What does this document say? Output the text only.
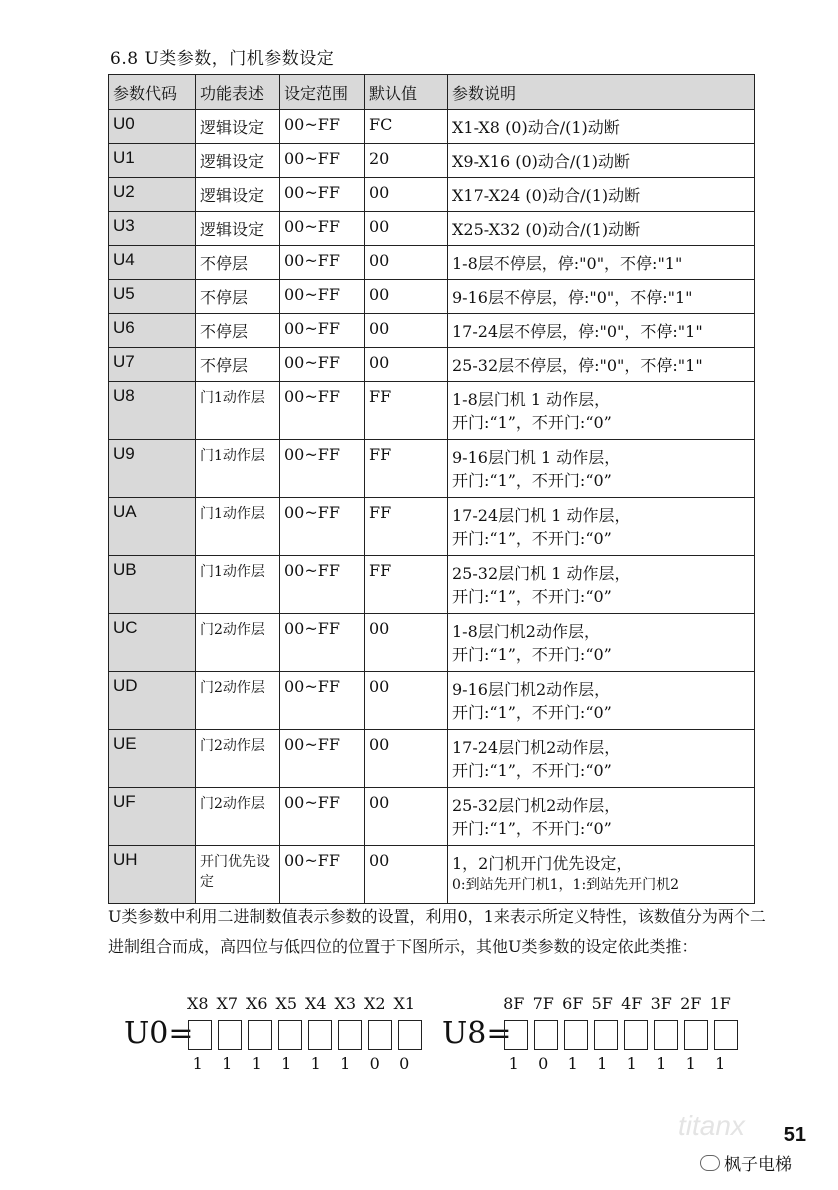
6.8 U类参数，门机参数设定
参数代码	功能表述	设定范围	默认值	参数说明
U0	逻辑设定	00~FF	FC	X1-X8 (0)动合/(1)动断

U1	逻辑设定	00~FF	20	X9-X16 (0)动合/(1)动断

U2	逻辑设定	00~FF	00	X17-X24 (0)动合/(1)动断

U3	逻辑设定	00~FF	00	X25-X32 (0)动合/(1)动断

U4	不停层	00~FF	00	1-8层不停层，停:"0"，不停:"1"

U5	不停层	00~FF	00	9-16层不停层，停:"0"，不停:"1"

U6	不停层	00~FF	00	17-24层不停层，停:"0"，不停:"1"

U7	不停层	00~FF	00	25-32层不停层，停:"0"，不停:"1"

U8	门1动作层	00~FF	FF	1-8层门机 1 动作层，
开门:“1”，不开门:“0”

U9	门1动作层	00~FF	FF	9-16层门机 1 动作层，
开门:“1”，不开门:“0”

UA	门1动作层	00~FF	FF	17-24层门机 1 动作层，
开门:“1”，不开门:“0”

UB	门1动作层	00~FF	FF	25-32层门机 1 动作层，
开门:“1”，不开门:“0”

UC	门2动作层	00~FF	00	1-8层门机2动作层，
开门:“1”，不开门:“0”

UD	门2动作层	00~FF	00	9-16层门机2动作层，
开门:“1”，不开门:“0”

UE	门2动作层	00~FF	00	17-24层门机2动作层，
开门:“1”，不开门:“0”

UF	门2动作层	00~FF	00	25-32层门机2动作层，
开门:“1”，不开门:“0”

UH	开门优先设定	00~FF	00	1，2门机开门优先设定，
0:到站先开门机1，1:到站先开门机2
U类参数中利用二进制数值表示参数的设置，利用0，1来表示所定义特性，该数值分为两个二进制组合而成，高四位与低四位的位置于下图所示，其他U类参数的设定依此类推：
X8 X7 X6 X5 X4 X3 X2 X1
U0=
1	1	1	1	1	1	0	0
8F 7F 6F 5F 4F 3F 2F 1F
U8=
1	0	1	1	1	1	1	1
titanx 51
枫子电梯
